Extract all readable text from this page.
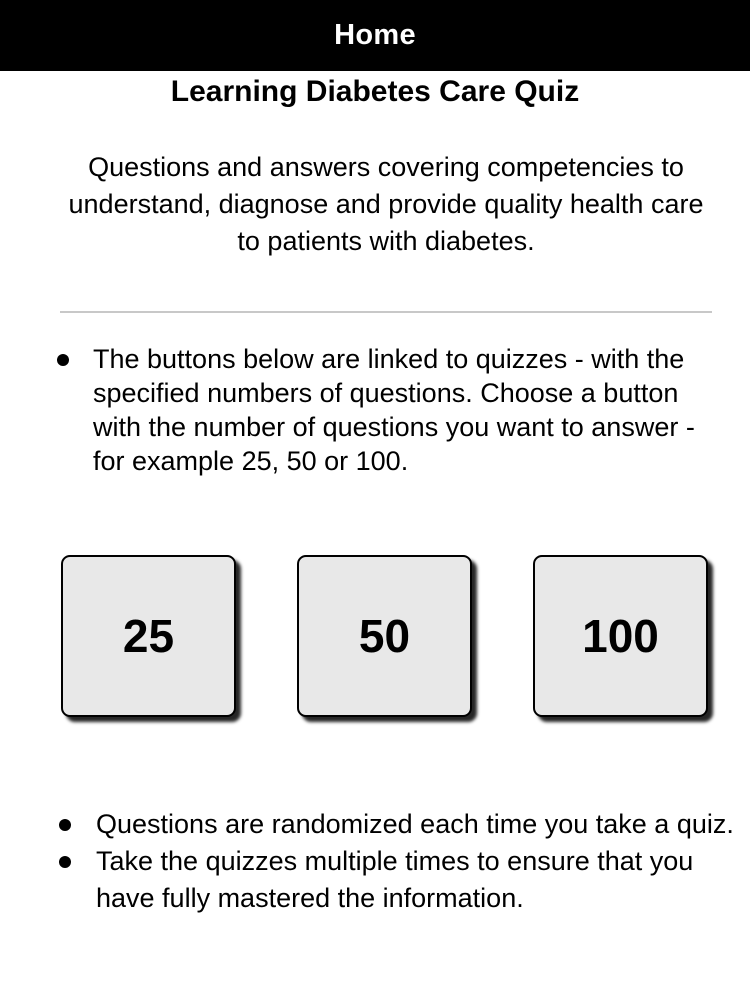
Home
Learning Diabetes Care Quiz
Questions and answers covering competencies to understand, diagnose and provide quality health care to patients with diabetes.
The buttons below are linked to quizzes - with the specified numbers of questions. Choose a button with the number of questions you want to answer - for example 25, 50 or 100.
25	50	100
Questions are randomized each time you take a quiz.
Take the quizzes multiple times to ensure that you have fully mastered the information.
